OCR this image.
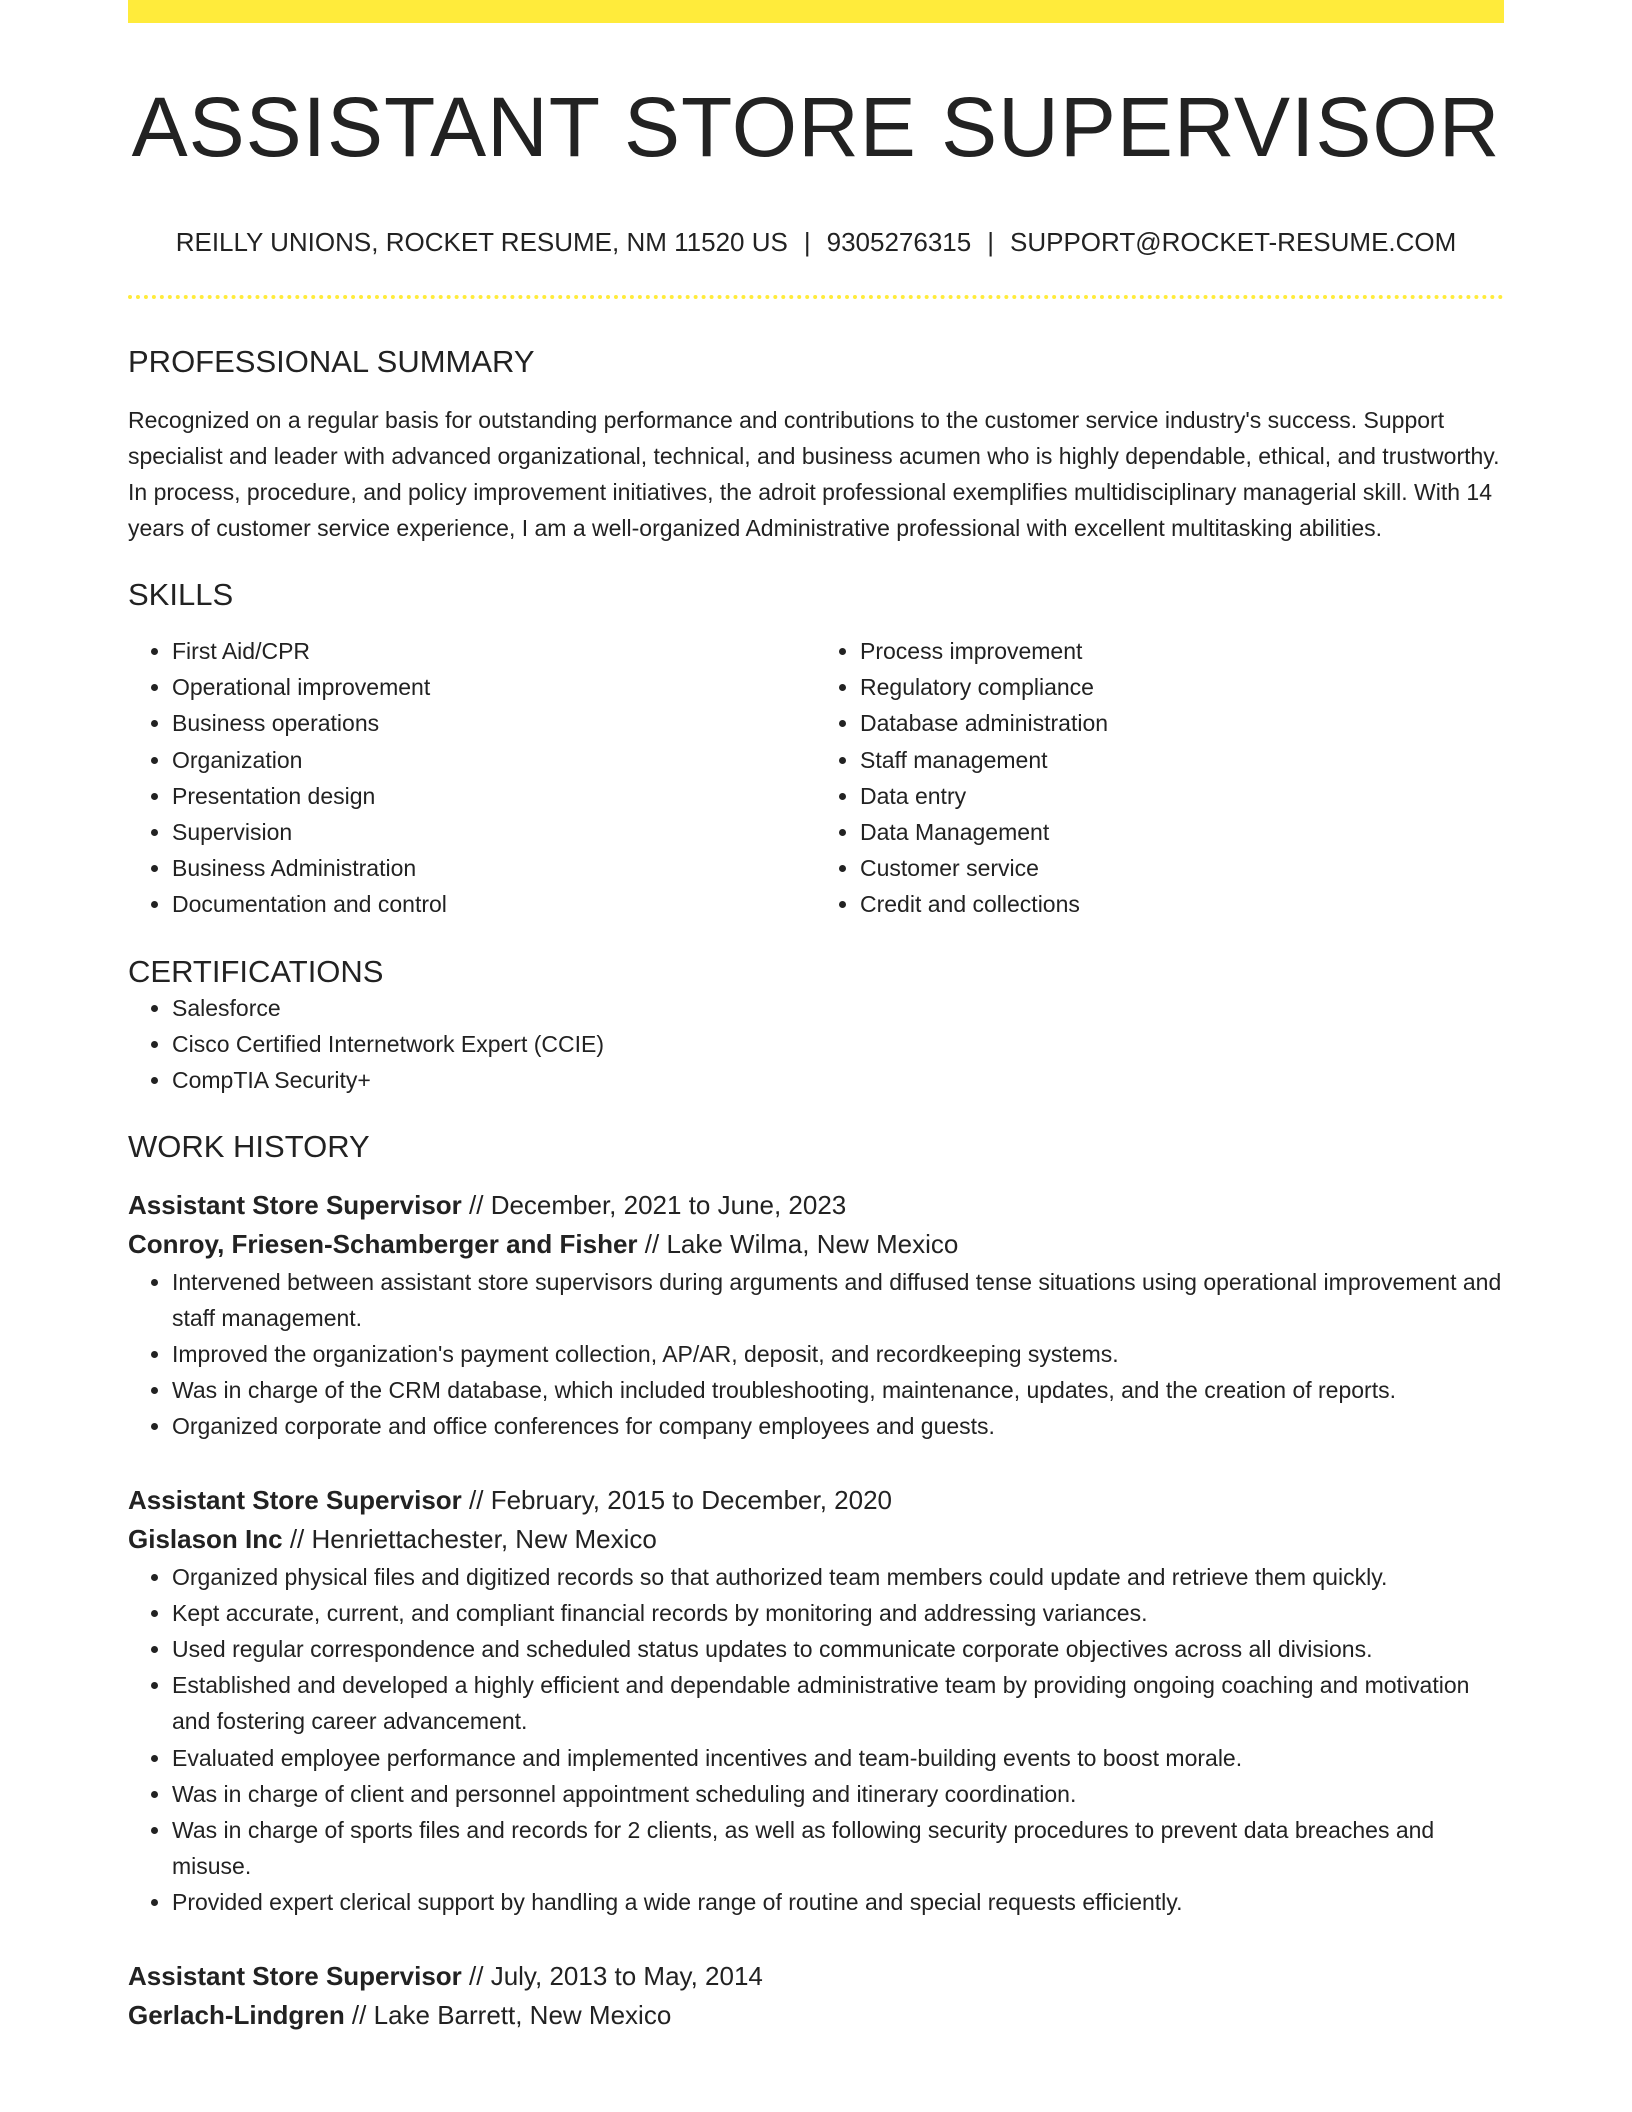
ASSISTANT STORE SUPERVISOR
REILLY UNIONS, ROCKET RESUME, NM 11520 US | 9305276315 | SUPPORT@ROCKET-RESUME.COM
PROFESSIONAL SUMMARY

Recognized on a regular basis for outstanding performance and contributions to the customer service industry's success. Support specialist and leader with advanced organizational, technical, and business acumen who is highly dependable, ethical, and trustworthy. In process, procedure, and policy improvement initiatives, the adroit professional exemplifies multidisciplinary managerial skill. With 14 years of customer service experience, I am a well-organized Administrative professional with excellent multitasking abilities.

SKILLS
• First Aid/CPR
• Operational improvement
• Business operations
• Organization
• Presentation design
• Supervision
• Business Administration
• Documentation and control
• Process improvement
• Regulatory compliance
• Database administration
• Staff management
• Data entry
• Data Management
• Customer service
• Credit and collections
CERTIFICATIONS
• Salesforce
• Cisco Certified Internetwork Expert (CCIE)
• CompTIA Security+
WORK HISTORY
Assistant Store Supervisor // December, 2021 to June, 2023
Conroy, Friesen-Schamberger and Fisher // Lake Wilma, New Mexico
• Intervened between assistant store supervisors during arguments and diffused tense situations using operational improvement and staff management.
• Improved the organization's payment collection, AP/AR, deposit, and recordkeeping systems.
• Was in charge of the CRM database, which included troubleshooting, maintenance, updates, and the creation of reports.
• Organized corporate and office conferences for company employees and guests.
Assistant Store Supervisor // February, 2015 to December, 2020
Gislason Inc // Henriettachester, New Mexico
• Organized physical files and digitized records so that authorized team members could update and retrieve them quickly.
• Kept accurate, current, and compliant financial records by monitoring and addressing variances.
• Used regular correspondence and scheduled status updates to communicate corporate objectives across all divisions.
• Established and developed a highly efficient and dependable administrative team by providing ongoing coaching and motivation and fostering career advancement.
• Evaluated employee performance and implemented incentives and team-building events to boost morale.
• Was in charge of client and personnel appointment scheduling and itinerary coordination.
• Was in charge of sports files and records for 2 clients, as well as following security procedures to prevent data breaches and misuse.
• Provided expert clerical support by handling a wide range of routine and special requests efficiently.
Assistant Store Supervisor // July, 2013 to May, 2014
Gerlach-Lindgren // Lake Barrett, New Mexico
